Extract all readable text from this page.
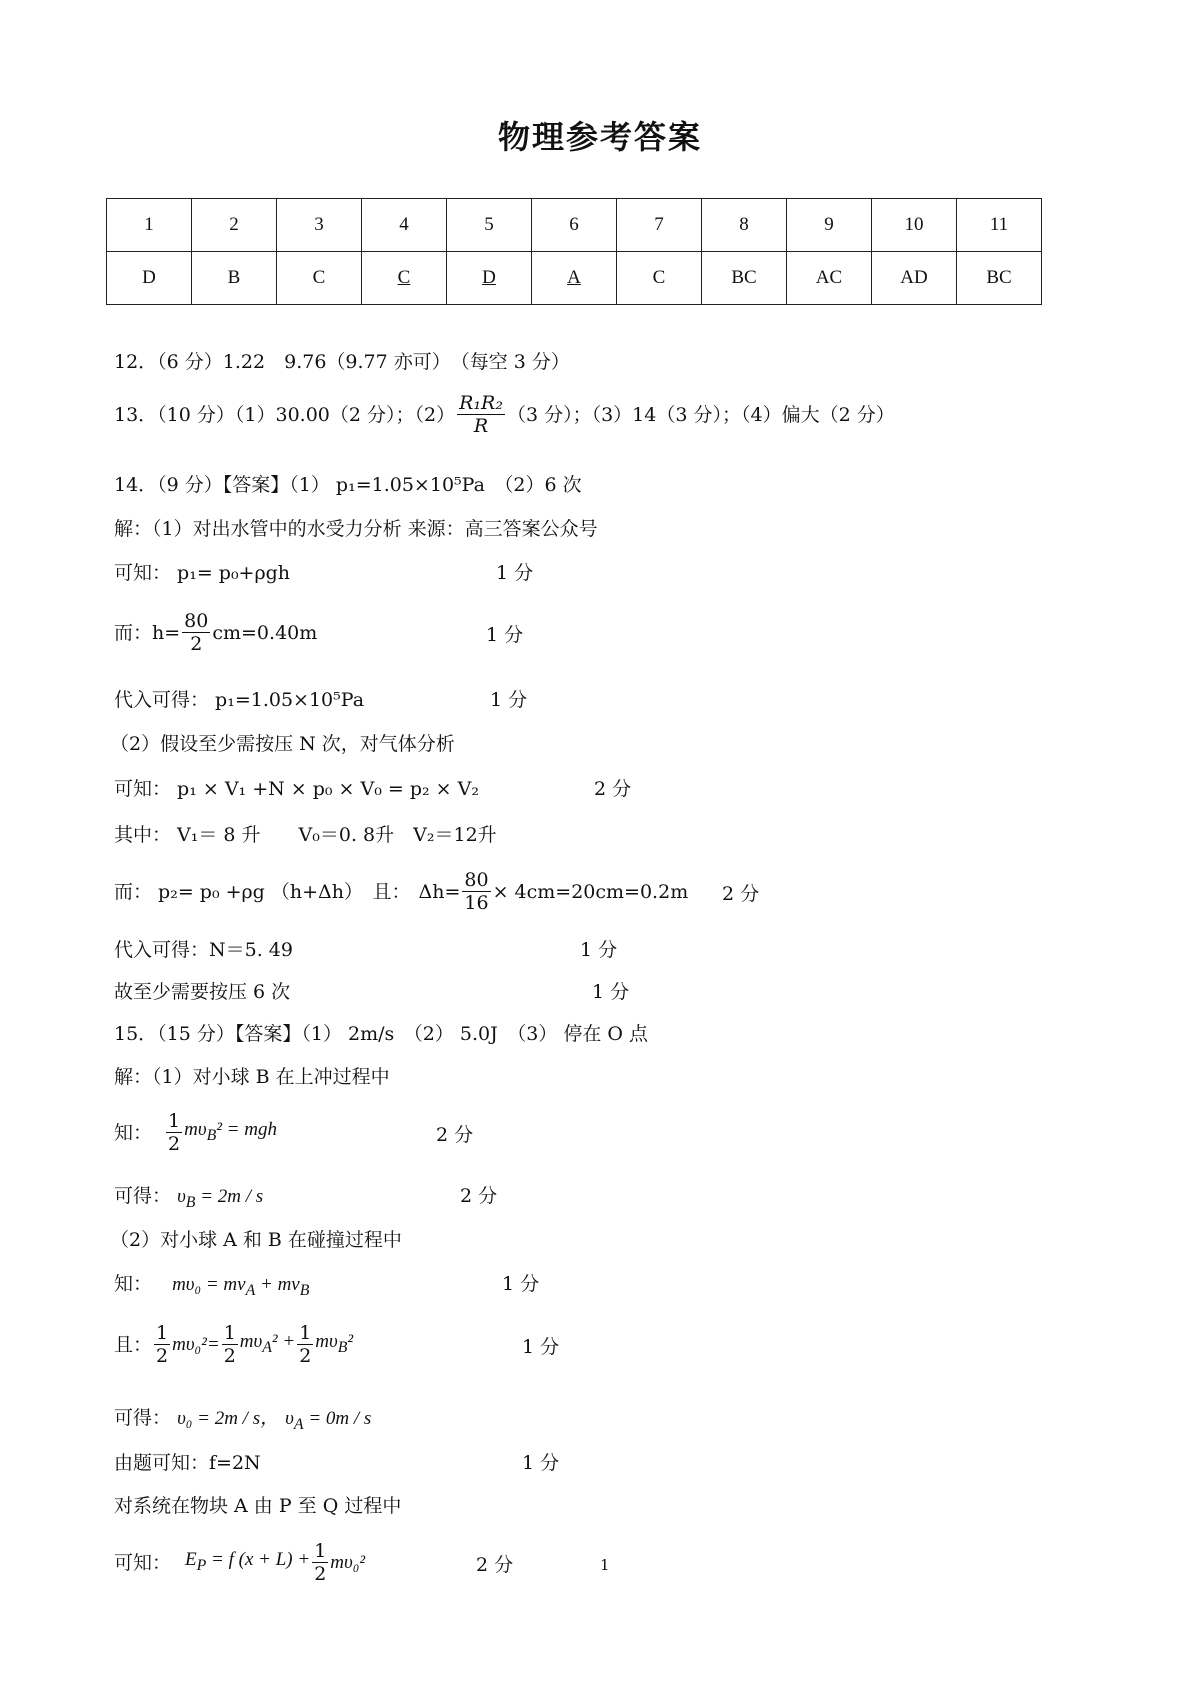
物理参考答案
1	2	3	4	5	6	7	8	9	10	11
D	B	C	C	D	A	C	BC	AC	AD	BC
12．（6 分）1.22　9.76（9.77 亦可）　（每空 3 分）
13．（10 分）（1）30.00（2 分）；$(2) \frac{\text{R₁R₂}}{R} (3$ 分）；（3）14（3 分）；（4）偏大（2 分）
14．（9 分）【答案】（1） p₁=1.05×10⁵Pa　（2）6 次
解：（1）对出水管中的水受力分析 来源：高三答案公众号
可知： p₁= p₀+ρgh	1 分
而：$h= \frac{80}{2} cm=0.40m$	1 分
代入可得： p₁=1.05×10⁵Pa	1 分
（2）假设至少需按压 N 次，对气体分析
可知： p₁ × V₁ +N × p₀ × V₀ = p₂ × V₂	2 分
其中： V₁＝ 8 升　　V₀＝0. 8升　V₂＝12升
而： p₂= p₀ +ρg （h+Δh）　且： $\Delta h= \frac{80}{16} \times 4cm=20cm=0.2m$ 2 分
代入可得：N＝5. 49	1 分
故至少需要按压 6 次	1 分
15．（15 分）【答案】（1） 2m/s　（2） 5.0J　（3） 停在 O 点
解：（1）对小球 B 在上冲过程中
知： $\frac{1}{2} m\upsilon_B^2$ = mgh	2 分
可得： $\upsilon_B = 2m / s$	2 分
（2）对小球 A 和 B 在碰撞过程中
知： $m\upsilon_0 = mv_A + mv_B$	1 分
且： $\frac{1}{2} m\upsilon_0^2 = \frac{1}{2} m\upsilon_A^2 + \frac{1}{2} m\upsilon_B^2$	1 分
可得： υ₀ = 2m / s， $\upsilon_A = 0m / s$
由题可知：f=2N	1 分
对系统在物块 A 由 P 至 Q 过程中
可知： $E_P = f$ $(x + L) + \frac{1}{2} m\upsilon_0^2$	2 分	1
